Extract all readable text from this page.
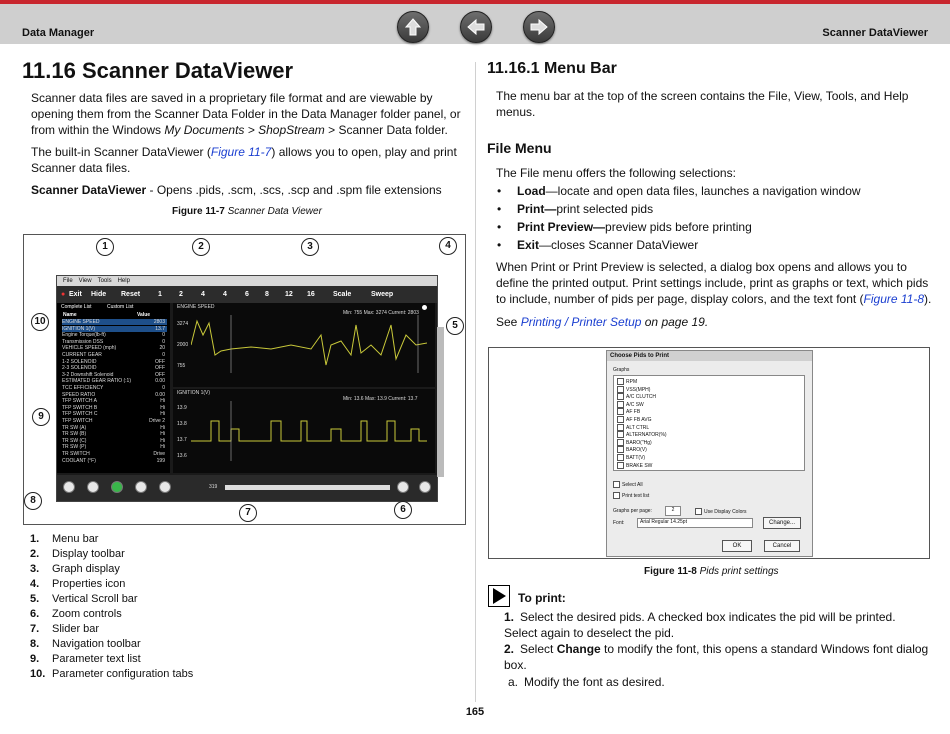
Data Manager	Scanner DataViewer
11.16 Scanner DataViewer
Scanner data files are saved in a proprietary file format and are viewable by opening them from the Scanner Data Folder in the Data Manager folder panel, or from within the Windows My Documents > ShopStream > Scanner Data folder.
The built-in Scanner DataViewer (Figure 11-7) allows you to open, play and print Scanner data files.
Scanner DataViewer - Opens .pids, .scm, .scs, .scp and .spm file extensions
Figure 11-7 Scanner Data Viewer
File View Tools Help
● Exit Hide Reset	1 2	4	4	6 8 12 16	Scale	Sweep
Complete List	Custom List
Name	Value
ENGINE SPEED	2803
IGNITION 1(V)	13.7
Engine Torque(lb-ft)	0
Transmission DSS	0
VEHICLE SPEED (mph)	20
CURRENT GEAR	0
1-2 SOLENOID	OFF
2-3 SOLENOID	OFF
3-2 Downshift Solenoid	OFF
ESTIMATED GEAR RATIO (:1)	0.00
TCC EFFICIENCY	0
SPEED RATIO	0.00
TFP SWITCH A	Hi
TFP SWITCH B	Hi
TFP SWITCH C	Hi
TFP SWITCH	Drive 2
TR SW (A)	Hi
TR SW (B)	Hi
TR SW (C)	Hi
TR SW (P)	Hi
TR SWITCH	Drive
COOLANT (°F)	199
ENGINE SPEED
Min: 755 Max: 3274 Current: 2803
3274
2000
755
IGNITION 1(V)
Min: 13.6 Max: 13.9 Current: 13.7
13.9
13.8
13.7
13.6
319
1	2	3	4
5
6
7
8
9
10
1. Menu bar
2. Display toolbar
3. Graph display
4. Properties icon
5. Vertical Scroll bar
6. Zoom controls
7. Slider bar
8. Navigation toolbar
9. Parameter text list
10. Parameter configuration tabs
11.16.1 Menu Bar
The menu bar at the top of the screen contains the File, View, Tools, and Help menus.
File Menu
The File menu offers the following selections:
• Load—locate and open data files, launches a navigation window
• Print—print selected pids
• Print Preview—preview pids before printing
• Exit—closes Scanner DataViewer
When Print or Print Preview is selected, a dialog box opens and allows you to define the printed output. Print settings include, print as graphs or text, which pids to include, number of pids per page, display colors, and the text font (Figure 11-8).
See Printing / Printer Setup on page 19.
Choose Pids to Print
Graphs
RPM
VSS(MPH)
A/C CLUTCH
A/C SW
AF FB
AF FB AVG
ALT CTRL
ALTERNATOR(%)
BARO("Hg)
BARO(V)
BATT(V)
BRAKE SW
Select All
Print text list
Graphs per page:	2	Use Display Colors
Font:	Arial Regular 14.25pt	Change...
OK	Cancel
Figure 11-8 Pids print settings
To print:
1. Select the desired pids. A checked box indicates the pid will be printed. Select again to deselect the pid.
2. Select Change to modify the font, this opens a standard Windows font dialog box.
a. Modify the font as desired.
165
